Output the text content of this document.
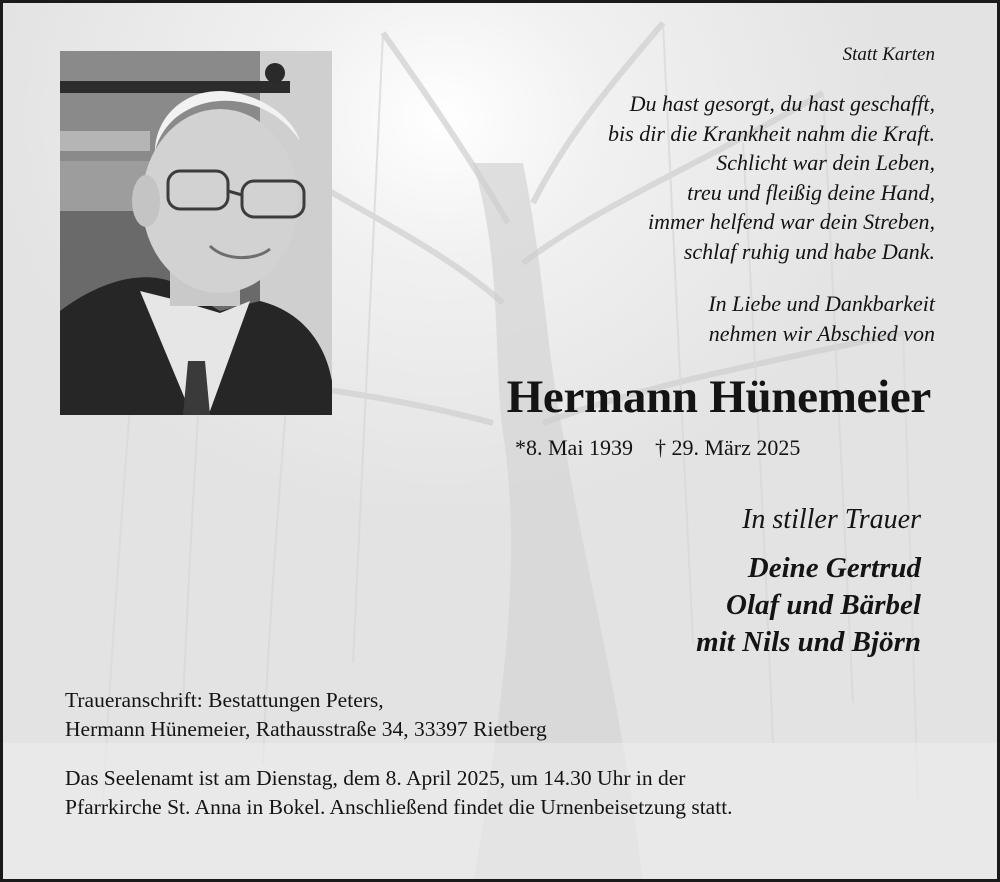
Statt Karten
Du hast gesorgt, du hast geschafft,
bis dir die Krankheit nahm die Kraft.
Schlicht war dein Leben,
treu und fleißig deine Hand,
immer helfend war dein Streben,
schlaf ruhig und habe Dank.
In Liebe und Dankbarkeit
nehmen wir Abschied von
Hermann Hünemeier
*8. Mai 1939 † 29. März 2025
In stiller Trauer
Deine Gertrud
Olaf und Bärbel
mit Nils und Björn
Traueranschrift: Bestattungen Peters,
Hermann Hünemeier, Rathausstraße 34, 33397 Rietberg
Das Seelenamt ist am Dienstag, dem 8. April 2025, um 14.30 Uhr in der
Pfarrkirche St. Anna in Bokel. Anschließend findet die Urnenbeisetzung statt.
